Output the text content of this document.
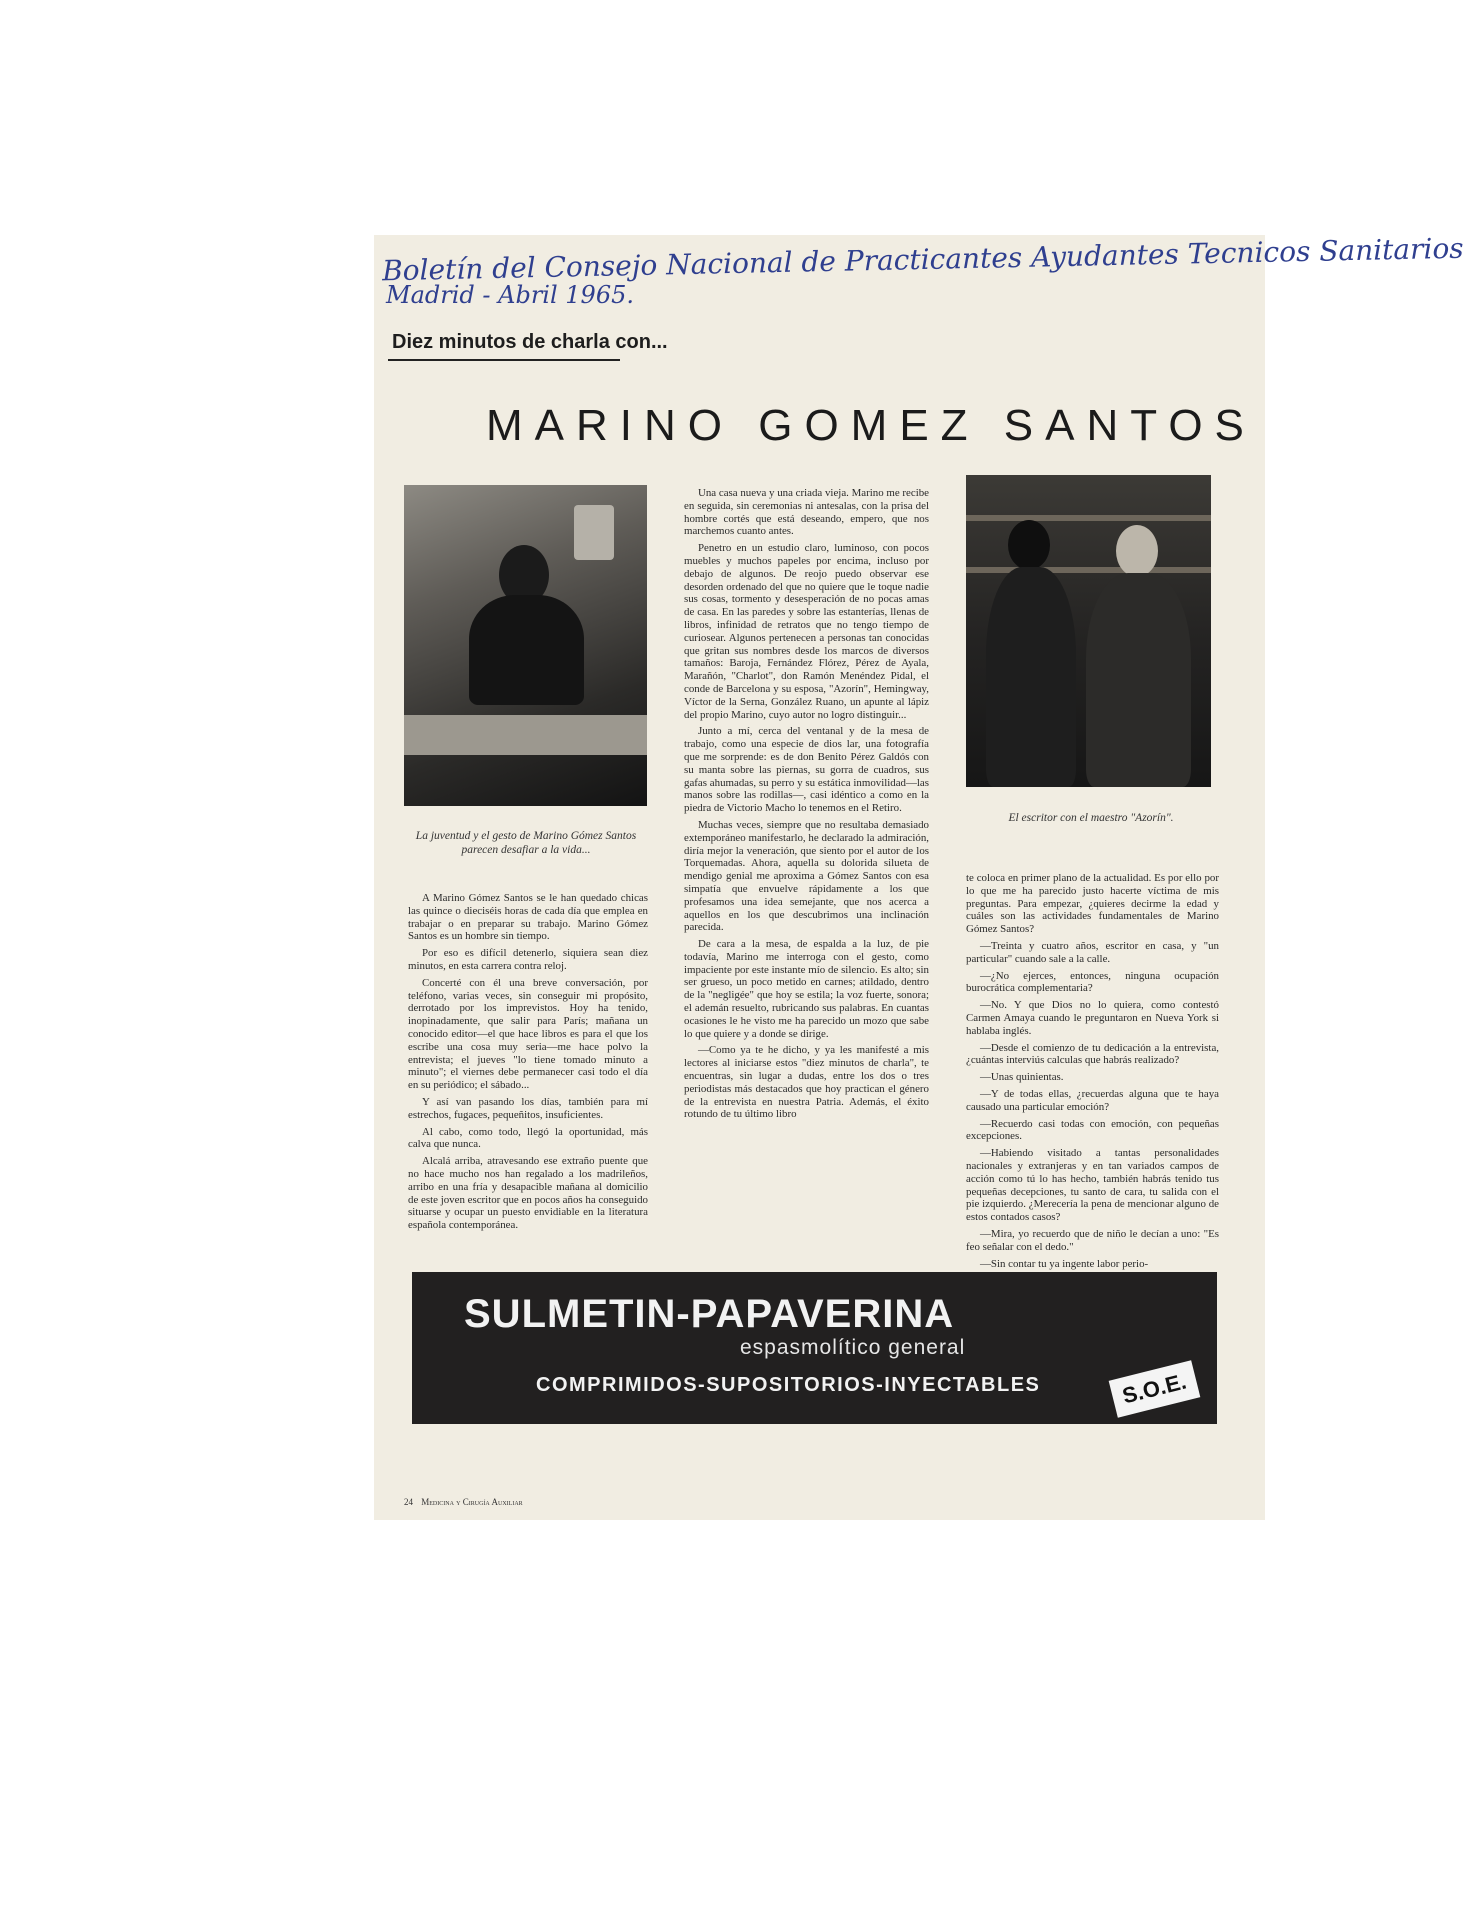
Boletín del Consejo Nacional de Practicantes Ayudantes Tecnicos Sanitarios
Madrid - Abril 1965.
Diez minutos de charla con...
MARINO GOMEZ SANTOS
La juventud y el gesto de Marino Gómez Santos parecen desafiar a la vida...
El escritor con el maestro "Azorín".

A Marino Gómez Santos se le han quedado chicas las quince o dieciséis horas de cada día que emplea en trabajar o en preparar su trabajo. Marino Gómez Santos es un hombre sin tiempo.

Por eso es difícil detenerlo, siquiera sean diez minutos, en esta carrera contra reloj.

Concerté con él una breve conversación, por teléfono, varias veces, sin conseguir mi propósito, derrotado por los imprevistos. Hoy ha tenido, inopinadamente, que salir para París; mañana un conocido editor—el que hace libros es para el que los escribe una cosa muy seria—me hace polvo la entrevista; el jueves "lo tiene tomado minuto a minuto"; el viernes debe permanecer casi todo el día en su periódico; el sábado...

Y así van pasando los días, también para mí estrechos, fugaces, pequeñitos, insuficientes.

Al cabo, como todo, llegó la oportunidad, más calva que nunca.

Alcalá arriba, atravesando ese extraño puente que no hace mucho nos han regalado a los madrileños, arribo en una fría y desapacible mañana al domicilio de este joven escritor que en pocos años ha conseguido situarse y ocupar un puesto envidiable en la literatura española contemporánea.

Una casa nueva y una criada vieja. Marino me recibe en seguida, sin ceremonias ni antesalas, con la prisa del hombre cortés que está deseando, empero, que nos marchemos cuanto antes.

Penetro en un estudio claro, luminoso, con pocos muebles y muchos papeles por encima, incluso por debajo de algunos. De reojo puedo observar ese desorden ordenado del que no quiere que le toque nadie sus cosas, tormento y desesperación de no pocas amas de casa. En las paredes y sobre las estanterías, llenas de libros, infinidad de retratos que no tengo tiempo de curiosear. Algunos pertenecen a personas tan conocidas que gritan sus nombres desde los marcos de diversos tamaños: Baroja, Fernández Flórez, Pérez de Ayala, Marañón, "Charlot", don Ramón Menéndez Pidal, el conde de Barcelona y su esposa, "Azorín", Hemingway, Víctor de la Serna, González Ruano, un apunte al lápiz del propio Marino, cuyo autor no logro distinguir...

Junto a mí, cerca del ventanal y de la mesa de trabajo, como una especie de dios lar, una fotografía que me sorprende: es de don Benito Pérez Galdós con su manta sobre las piernas, su gorra de cuadros, sus gafas ahumadas, su perro y su estática inmovilidad—las manos sobre las rodillas—, casi idéntico a como en la piedra de Victorio Macho lo tenemos en el Retiro.

Muchas veces, siempre que no resultaba demasiado extemporáneo manifestarlo, he declarado la admiración, diría mejor la veneración, que siento por el autor de los Torquemadas. Ahora, aquella su dolorida silueta de mendigo genial me aproxima a Gómez Santos con esa simpatía que envuelve rápidamente a los que profesamos una idea semejante, que nos acerca a aquellos en los que descubrimos una inclinación parecida.

De cara a la mesa, de espalda a la luz, de pie todavía, Marino me interroga con el gesto, como impaciente por este instante mío de silencio. Es alto; sin ser grueso, un poco metido en carnes; atildado, dentro de la "negligée" que hoy se estila; la voz fuerte, sonora; el ademán resuelto, rubricando sus palabras. En cuantas ocasiones le he visto me ha parecido un mozo que sabe lo que quiere y a donde se dirige.

—Como ya te he dicho, y ya les manifesté a mis lectores al iniciarse estos "diez minutos de charla", te encuentras, sin lugar a dudas, entre los dos o tres periodistas más destacados que hoy practican el género de la entrevista en nuestra Patria. Además, el éxito rotundo de tu último libro

te coloca en primer plano de la actualidad. Es por ello por lo que me ha parecido justo hacerte víctima de mis preguntas. Para empezar, ¿quieres decirme la edad y cuáles son las actividades fundamentales de Marino Gómez Santos?

—Treinta y cuatro años, escritor en casa, y "un particular" cuando sale a la calle.

—¿No ejerces, entonces, ninguna ocupación burocrática complementaria?

—No. Y que Dios no lo quiera, como contestó Carmen Amaya cuando le preguntaron en Nueva York si hablaba inglés.

—Desde el comienzo de tu dedicación a la entrevista, ¿cuántas interviús calculas que habrás realizado?

—Unas quinientas.

—Y de todas ellas, ¿recuerdas alguna que te haya causado una particular emoción?

—Recuerdo casi todas con emoción, con pequeñas excepciones.

—Habiendo visitado a tantas personalidades nacionales y extranjeras y en tan variados campos de acción como tú lo has hecho, también habrás tenido tus pequeñas decepciones, tu santo de cara, tu salida con el pie izquierdo. ¿Merecería la pena de mencionar alguno de estos contados casos?

—Mira, yo recuerdo que de niño le decían a uno: "Es feo señalar con el dedo."

—Sin contar tu ya ingente labor perio-

SULMETIN-PAPAVERINA
espasmolítico general
COMPRIMIDOS-SUPOSITORIOS-INYECTABLES	S.O.E.
24 Medicina y Cirugía Auxiliar
